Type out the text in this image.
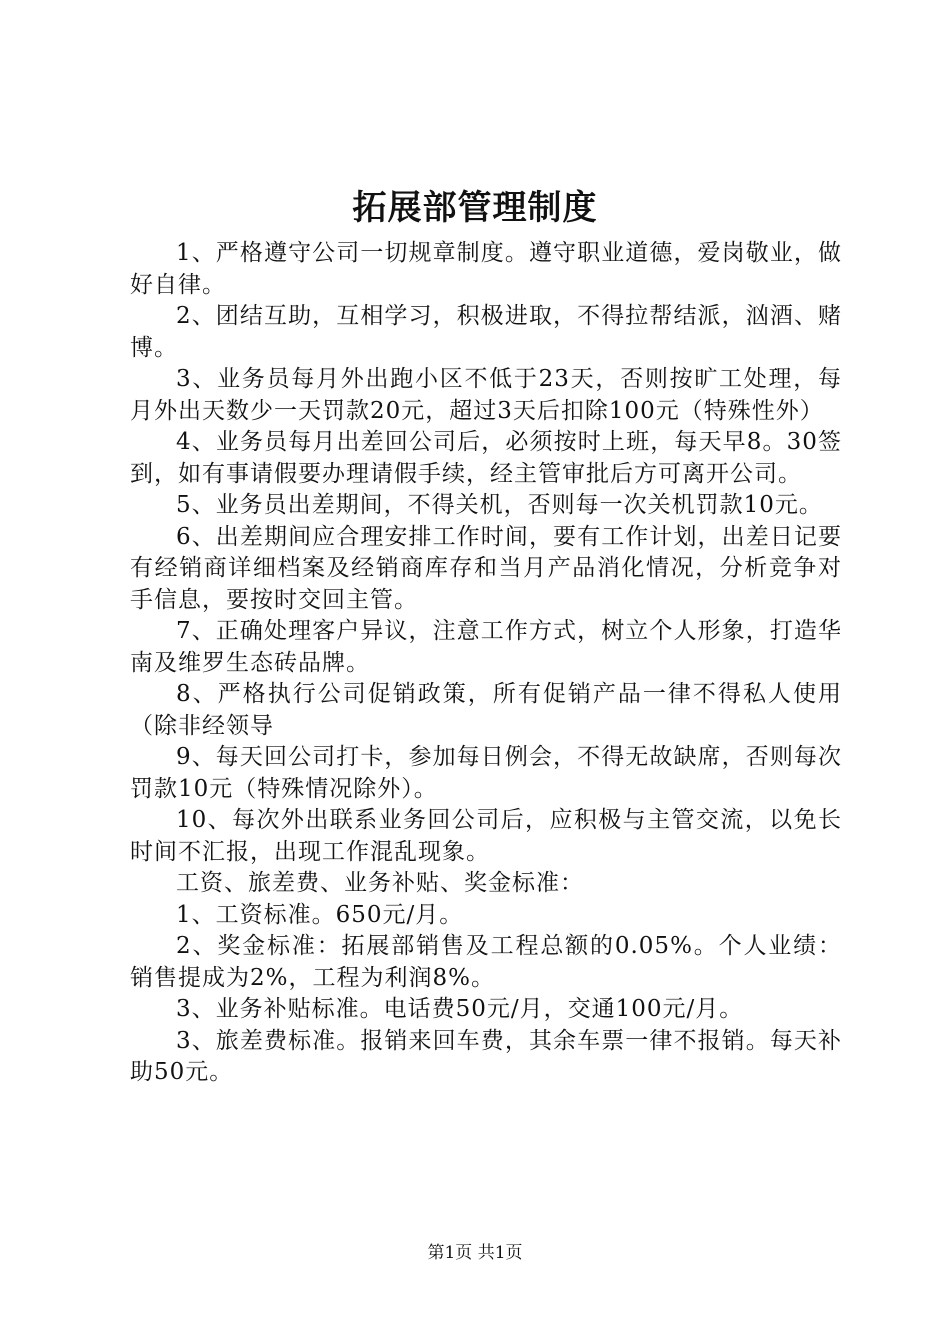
拓展部管理制度

1、严格遵守公司一切规章制度。遵守职业道德，爱岗敬业，做好自律。

2、团结互助，互相学习，积极进取，不得拉帮结派，汹酒、赌博。

3、业务员每月外出跑小区不低于23天，否则按旷工处理，每月外出天数少一天罚款20元，超过3天后扣除100元（特殊性外）

4、业务员每月出差回公司后，必须按时上班，每天早8。30签到，如有事请假要办理请假手续，经主管审批后方可离开公司。

5、业务员出差期间，不得关机，否则每一次关机罚款10元。

6、出差期间应合理安排工作时间，要有工作计划，出差日记要有经销商详细档案及经销商库存和当月产品消化情况，分析竞争对手信息，要按时交回主管。

7、正确处理客户异议，注意工作方式，树立个人形象，打造华南及维罗生态砖品牌。

8、严格执行公司促销政策，所有促销产品一律不得私人使用（除非经领导

9、每天回公司打卡，参加每日例会，不得无故缺席，否则每次罚款10元（特殊情况除外）。

10、每次外出联系业务回公司后，应积极与主管交流，以免长时间不汇报，出现工作混乱现象。

工资、旅差费、业务补贴、奖金标准：

1、工资标准。650元/月。

2、奖金标准：拓展部销售及工程总额的0.05%。个人业绩：销售提成为2%，工程为利润8%。

3、业务补贴标准。电话费50元/月，交通100元/月。

3、旅差费标准。报销来回车费，其余车票一律不报销。每天补助50元。

第1页 共1页
